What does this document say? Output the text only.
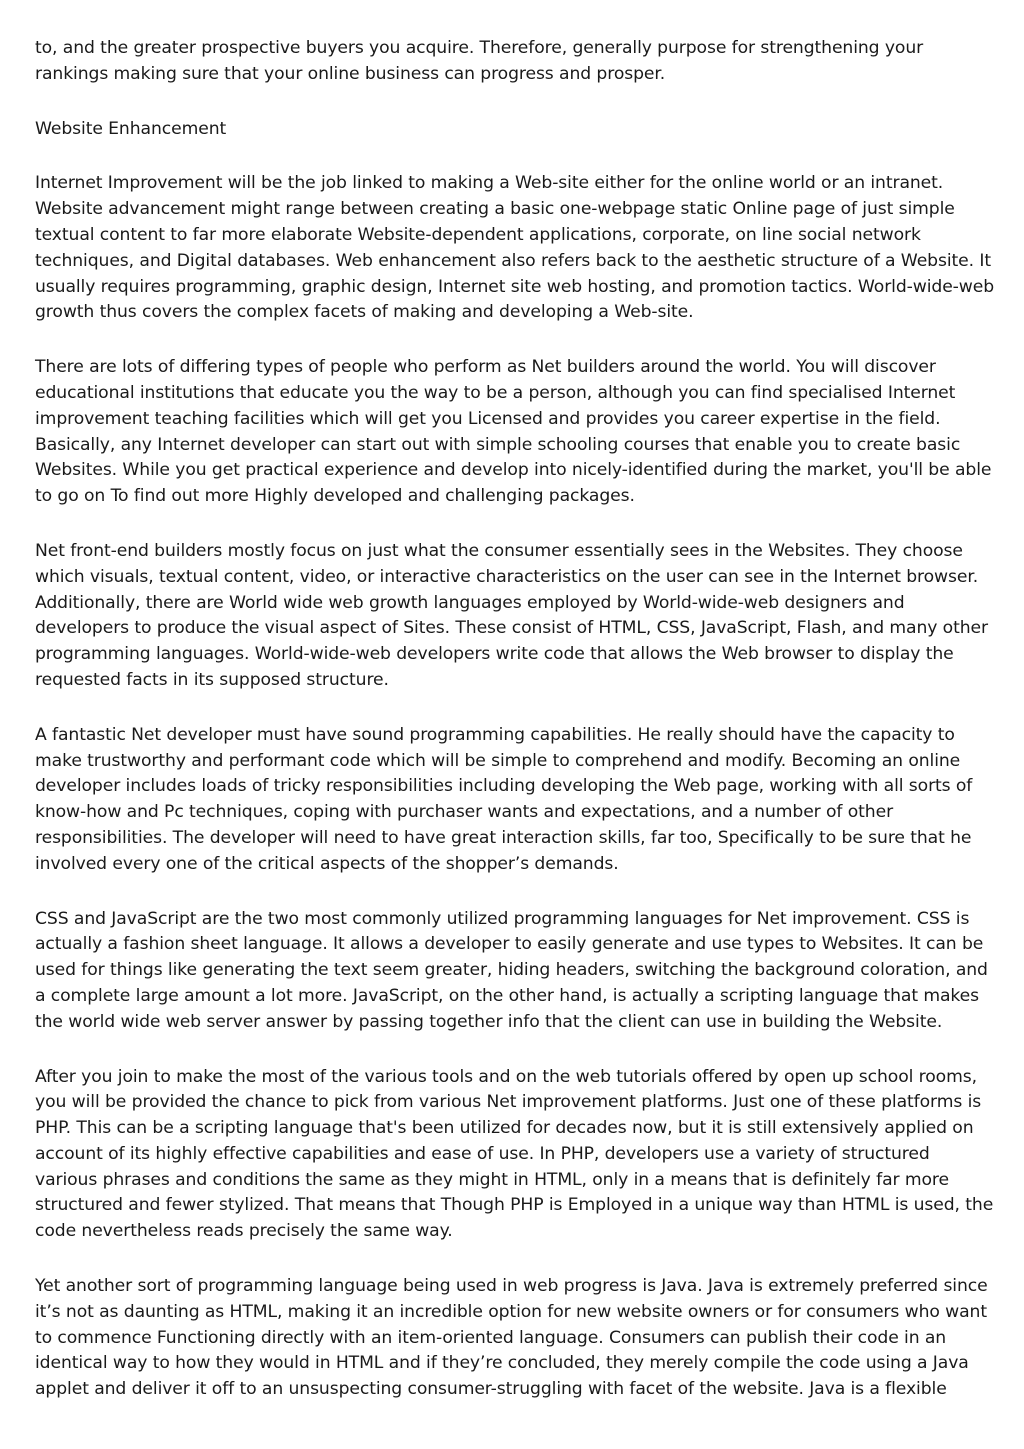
to, and the greater prospective buyers you acquire. Therefore, generally purpose for strengthening your rankings making sure that your online business can progress and prosper.

Website Enhancement

Internet Improvement will be the job linked to making a Web-site either for the online world or an intranet. Website advancement might range between creating a basic one-webpage static Online page of just simple textual content to far more elaborate Website-dependent applications, corporate, on line social network techniques, and Digital databases. Web enhancement also refers back to the aesthetic structure of a Website. It usually requires programming, graphic design, Internet site web hosting, and promotion tactics. World-wide-web growth thus covers the complex facets of making and developing a Web-site.

There are lots of differing types of people who perform as Net builders around the world. You will discover educational institutions that educate you the way to be a person, although you can find specialised Internet improvement teaching facilities which will get you Licensed and provides you career expertise in the field. Basically, any Internet developer can start out with simple schooling courses that enable you to create basic Websites. While you get practical experience and develop into nicely-identified during the market, you'll be able to go on To find out more Highly developed and challenging packages.

Net front-end builders mostly focus on just what the consumer essentially sees in the Websites. They choose which visuals, textual content, video, or interactive characteristics on the user can see in the Internet browser. Additionally, there are World wide web growth languages employed by World-wide-web designers and developers to produce the visual aspect of Sites. These consist of HTML, CSS, JavaScript, Flash, and many other programming languages. World-wide-web developers write code that allows the Web browser to display the requested facts in its supposed structure.

A fantastic Net developer must have sound programming capabilities. He really should have the capacity to make trustworthy and performant code which will be simple to comprehend and modify. Becoming an online developer includes loads of tricky responsibilities including developing the Web page, working with all sorts of know-how and Pc techniques, coping with purchaser wants and expectations, and a number of other responsibilities. The developer will need to have great interaction skills, far too, Specifically to be sure that he involved every one of the critical aspects of the shopper’s demands.

CSS and JavaScript are the two most commonly utilized programming languages for Net improvement. CSS is actually a fashion sheet language. It allows a developer to easily generate and use types to Websites. It can be used for things like generating the text seem greater, hiding headers, switching the background coloration, and a complete large amount a lot more. JavaScript, on the other hand, is actually a scripting language that makes the world wide web server answer by passing together info that the client can use in building the Website.

After you join to make the most of the various tools and on the web tutorials offered by open up school rooms, you will be provided the chance to pick from various Net improvement platforms. Just one of these platforms is PHP. This can be a scripting language that's been utilized for decades now, but it is still extensively applied on account of its highly effective capabilities and ease of use. In PHP, developers use a variety of structured various phrases and conditions the same as they might in HTML, only in a means that is definitely far more structured and fewer stylized. That means that Though PHP is Employed in a unique way than HTML is used, the code nevertheless reads precisely the same way.

Yet another sort of programming language being used in web progress is Java. Java is extremely preferred since it’s not as daunting as HTML, making it an incredible option for new website owners or for consumers who want to commence Functioning directly with an item-oriented language. Consumers can publish their code in an identical way to how they would in HTML and if they’re concluded, they merely compile the code using a Java applet and deliver it off to an unsuspecting consumer-struggling with facet of the website. Java is a flexible
